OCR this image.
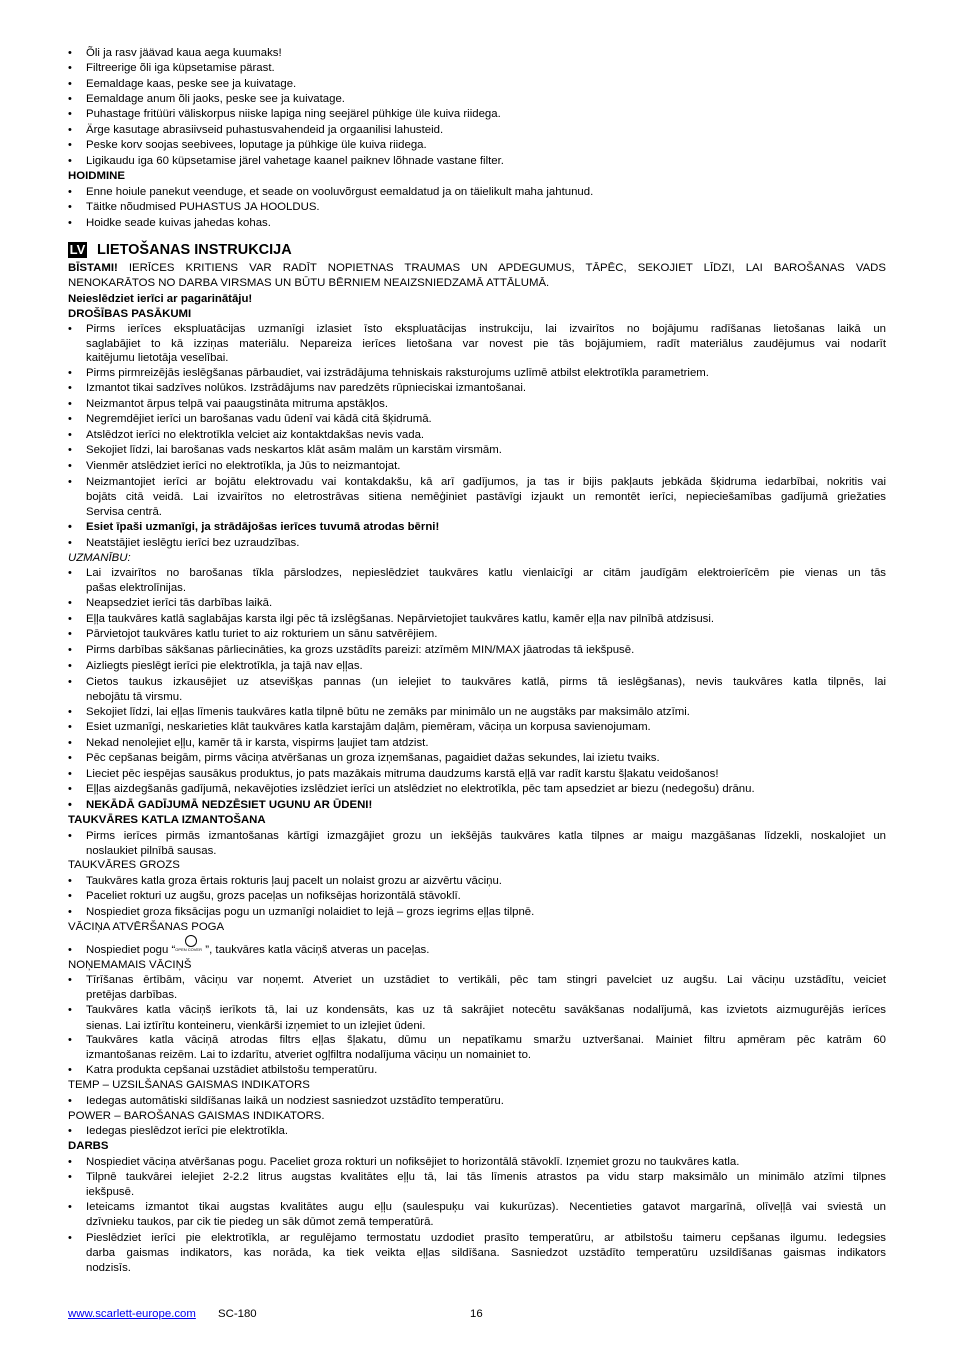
LV LIETOŠANAS INSTRUKCIJA
• Õli ja rasv jäävad kaua aega kuumaks!
• Filtreerige õli iga küpsetamise pärast.
• Eemaldage kaas, peske see ja kuivatage.
• Eemaldage anum õli jaoks, peske see ja kuivatage.
• Puhastage fritüüri väliskorpus niiske lapiga ning seejärel pühkige üle kuiva riidega.
• Ärge kasutage abrasiivseid puhastusvahendeid ja orgaanilisi lahusteid.
• Peske korv soojas seebivees, loputage ja pühkige üle kuiva riidega.
• Ligikaudu iga 60 küpsetamise järel vahetage kaanel paiknev lõhnade vastane filter.
HOIDMINE
• Enne hoiule panekut veenduge, et seade on vooluvõrgust eemaldatud ja on täielikult maha jahtunud.
• Täitke nõudmised PUHASTUS JA HOOLDUS.
• Hoidke seade kuivas jahedas kohas.
BĪSTAMI! IERĪCES KRITIENS VAR RADĪT NOPIETNAS TRAUMAS UN APDEGUMUS, TĀPĒC, SEKOJIET LĪDZI, LAI BAROŠANAS VADS
NENOKARĀTOS NO DARBA VIRSMAS UN BŪTU BĒRNIEM NEAIZSNIEDZAMĀ ATTĀLUMĀ.
Neieslēdziet ierīci ar pagarinātāju!
DROŠĪBAS PASĀKUMI
• Pirms ierīces ekspluatācijas uzmanīgi izlasiet īsto ekspluatācijas instrukciju, lai izvairītos no bojājumu radīšanas lietošanas laikā un
saglabājiet to kā izziņas materiālu. Nepareiza ierīces lietošana var novest pie tās bojājumiem, radīt materiālus zaudējumus vai nodarīt
kaitējumu lietotāja veselībai.
• Pirms pirmreizējās ieslēgšanas pārbaudiet, vai izstrādājuma tehniskais raksturojums uzlīmē atbilst elektrotīkla parametriem.
• Izmantot tikai sadzīves nolūkos. Izstrādājums nav paredzēts rūpnieciskai izmantošanai.
• Neizmantot ārpus telpā vai paaugstināta mitruma apstākļos.
• Negremdējiet ierīci un barošanas vadu ūdenī vai kādā citā šķidrumā.
• Atslēdzot ierīci no elektrotīkla velciet aiz kontaktdakšas nevis vada.
• Sekojiet līdzi, lai barošanas vads neskartos klāt asām malām un karstām virsmām.
• Vienmēr atslēdziet ierīci no elektrotīkla, ja Jūs to neizmantojat.
• Neizmantojiet ierīci ar bojātu elektrovadu vai kontakdakšu, kā arī gadījumos, ja tas ir bijis pakļauts jebkāda šķidruma iedarbībai, nokritis vai
bojāts citā veidā. Lai izvairītos no eletrostrāvas sitiena nemēģiniet pastāvīgi izjaukt un remontēt ierīci, nepieciešamības gadījumā griežaties
Servisa centrā.
• Esiet īpaši uzmanīgi, ja strādājošas ierīces tuvumā atrodas bērni!
• Neatstājiet ieslēgtu ierīci bez uzraudzības.
UZMANĪBU:
• Lai izvairītos no barošanas tīkla pārslodzes, nepieslēdziet taukvāres katlu vienlaicīgi ar citām jaudīgām elektroierīcēm pie vienas un tās
pašas elektrolīnijas.
• Neapsedziet ierīci tās darbības laikā.
• Eļļa taukvāres katlā saglabājas karsta ilgi pēc tā izslēgšanas. Nepārvietojiet taukvāres katlu, kamēr eļļa nav pilnībā atdzisusi.
• Pārvietojot taukvāres katlu turiet to aiz rokturiem un sānu satvērējiem.
• Pirms darbības sākšanas pārliecināties, ka grozs uzstādīts pareizi: atzīmēm MIN/MAX jāatrodas tā iekšpusē.
• Aizliegts pieslēgt ierīci pie elektrotīkla, ja tajā nav eļļas.
• Cietos taukus izkausējiet uz atsevišķas pannas (un ielejiet to taukvāres katlā, pirms tā ieslēgšanas), nevis taukvāres katla tilpnēs, lai
nebojātu tā virsmu.
• Sekojiet līdzi, lai eļļas līmenis taukvāres katla tilpnē būtu ne zemāks par minimālo un ne augstāks par maksimālo atzīmi.
• Esiet uzmanīgi, neskarieties klāt taukvāres katla karstajām daļām, piemēram, vāciņa un korpusa savienojumam.
• Nekad nenolejiet eļļu, kamēr tā ir karsta, vispirms ļaujiet tam atdzist.
• Pēc cepšanas beigām, pirms vāciņa atvēršanas un groza izņemšanas, pagaidiet dažas sekundes, lai izietu tvaiks.
• Lieciet pēc iespējas sausākus produktus, jo pats mazākais mitruma daudzums karstā eļļā var radīt karstu šļakatu veidošanos!
• Eļļas aizdegšanās gadījumā, nekavējoties izslēdziet ierīci un atslēdziet no elektrotīkla, pēc tam apsedziet ar biezu (nedegošu) drānu.
• NEKĀDĀ GADĪJUMĀ NEDZĒSIET UGUNU AR ŪDENI!
TAUKVĀRES KATLA IZMANTOŠANA
• Pirms ierīces pirmās izmantošanas kārtīgi izmazgājiet grozu un iekšējās taukvāres katla tilpnes ar maigu mazgāšanas līdzekli, noskalojiet un
noslaukiet pilnībā sausas.
TAUKVĀRES GROZS
• Taukvāres katla groza ērtais rokturis ļauj pacelt un nolaist grozu ar aizvērtu vāciņu.
• Paceliet rokturi uz augšu, grozs paceļas un nofiksējas horizontālā stāvoklī.
• Nospiediet groza fiksācijas pogu un uzmanīgi nolaidiet to lejā – grozs iegrims eļļas tilpnē.
VĀCIŅA ATVĒRŠANAS POGA
• Nospiediet pogu “ OPEN COVER ”, taukvāres katla vāciņš atveras un paceļas.
NOŅEMAMAIS VĀCIŅŠ
• Tīrīšanas ērtībām, vāciņu var noņemt. Atveriet un uzstādiet to vertikāli, pēc tam stingri pavelciet uz augšu. Lai vāciņu uzstādītu, veiciet
pretējas darbības.
• Taukvāres katla vāciņš ierīkots tā, lai uz kondensāts, kas uz tā sakrājiet notecētu savākšanas nodalījumā, kas izvietots aizmugurējās ierīces
sienas. Lai iztīrītu konteineru, vienkārši izņemiet to un izlejiet ūdeni.
• Taukvāres katla vāciņā atrodas filtrs eļļas šļakatu, dūmu un nepatīkamu smaržu uztveršanai. Mainiet filtru apmēram pēc katrām 60
izmantošanas reizēm. Lai to izdarītu, atveriet ogļfiltra nodalījuma vāciņu un nomainiet to.
• Katra produkta cepšanai uzstādiet atbilstošu temperatūru.
TEMP – UZSILŠANAS GAISMAS INDIKATORS
• Iedegas automātiski sildīšanas laikā un nodziest sasniedzot uzstādīto temperatūru.
POWER – BAROŠANAS GAISMAS INDIKATORS.
• Iedegas pieslēdzot ierīci pie elektrotīkla.
DARBS
• Nospiediet vāciņa atvēršanas pogu. Paceliet groza rokturi un nofiksējiet to horizontālā stāvoklī. Izņemiet grozu no taukvāres katla.
• Tilpnē taukvārei ielejiet 2-2.2 litrus augstas kvalitātes eļļu tā, lai tās līmenis atrastos pa vidu starp maksimālo un minimālo atzīmi tilpnes
iekšpusē.
• Ieteicams izmantot tikai augstas kvalitātes augu eļļu (saulespuķu vai kukurūzas). Necentieties gatavot margarīnā, olīveļļā vai sviestā un
dzīvnieku taukos, par cik tie piedeg un sāk dūmot zemā temperatūrā.
• Pieslēdziet ierīci pie elektrotīkla, ar regulējamo termostatu uzdodiet prasīto temperatūru, ar atbilstošu taimeru cepšanas ilgumu. Iedegsies
darba gaismas indikators, kas norāda, ka tiek veikta eļļas sildīšana. Sasniedzot uzstādīto temperatūru uzsildīšanas gaismas indikators
nodzisīs.
www.scarlett-europe.com SC-180	16
